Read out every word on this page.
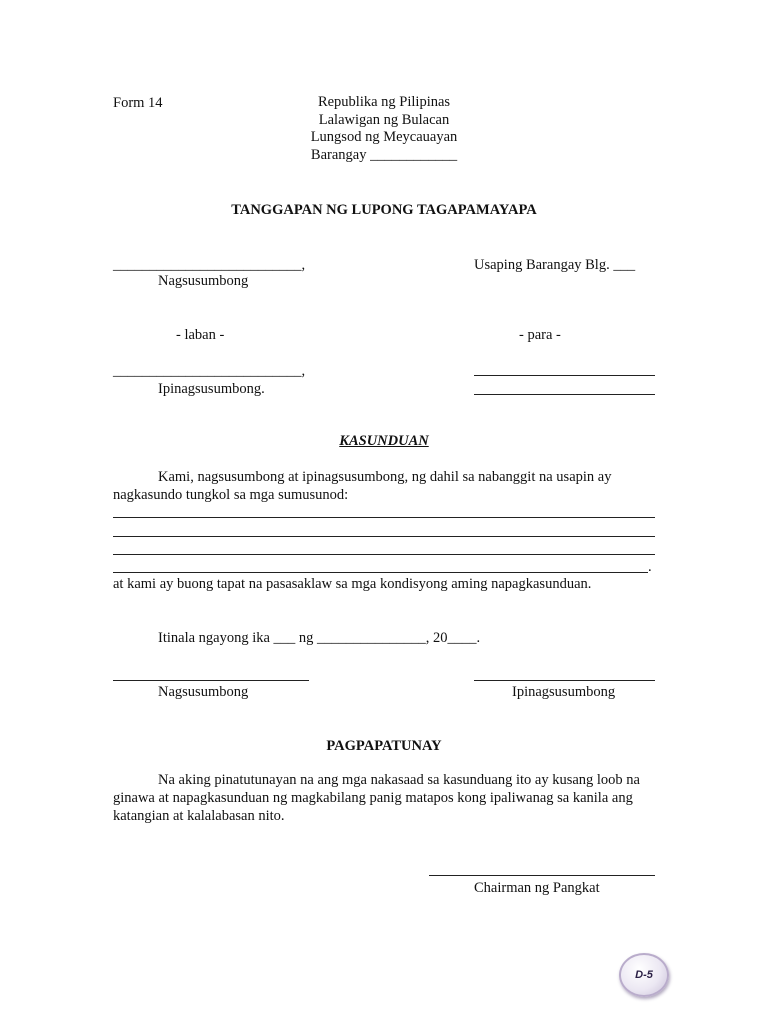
Form 14	Republika ng Pilipinas
Lalawigan ng Bulacan
Lungsod ng Meycauayan
Barangay ____________
TANGGAPAN NG LUPONG TAGAPAMAYAPA
__________________________,	Usaping Barangay Blg. ___
Nagsusumbong
- laban -	- para -
__________________________,
Ipinagsusumbong.
KASUNDUAN
Kami, nagsusumbong at ipinagsusumbong, ng dahil sa nabanggit na usapin ay nagkasundo tungkol sa mga sumusunod:
.
at kami ay buong tapat na pasasaklaw sa mga kondisyong aming napagkasunduan.
Itinala ngayong ika ___ ng _______________, 20____.
Nagsusumbong	Ipinagsusumbong
PAGPAPATUNAY
Na aking pinatutunayan na ang mga nakasaad sa kasunduang ito ay kusang loob na ginawa at napagkasunduan ng magkabilang panig matapos kong ipaliwanag sa kanila ang katangian at kalalabasan nito.
Chairman ng Pangkat
D-5
